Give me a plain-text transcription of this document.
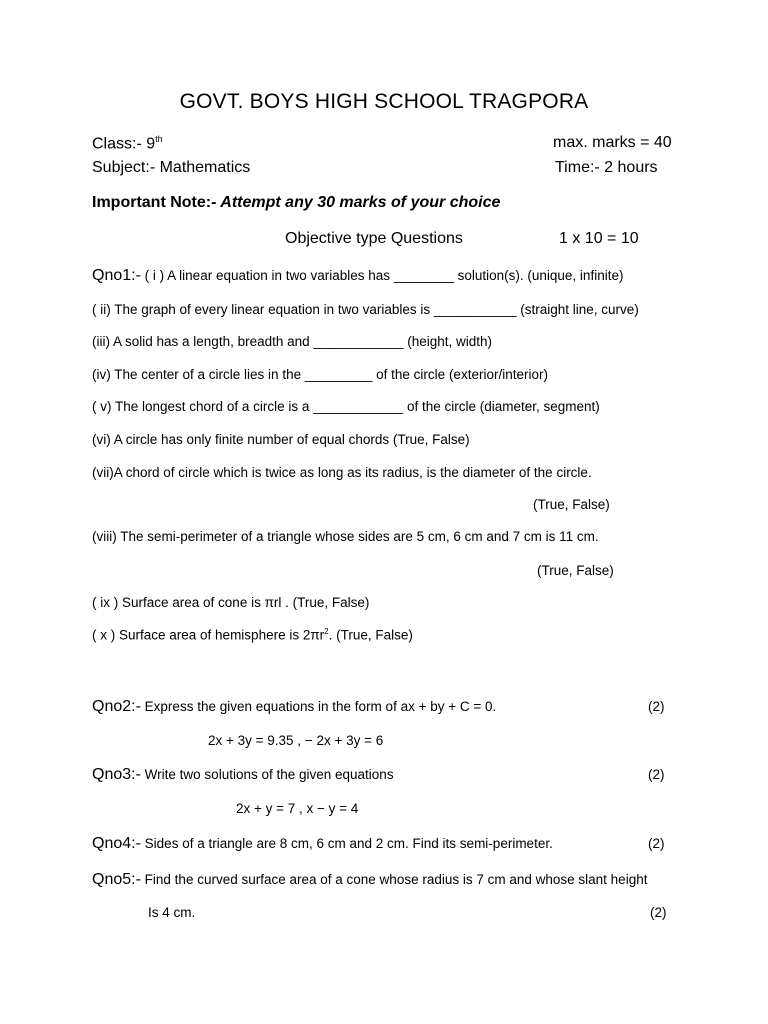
GOVT. BOYS HIGH SCHOOL TRAGPORA
Class:- 9th	max. marks = 40
Subject:- Mathematics	Time:- 2 hours
Important Note:- Attempt any 30 marks of your choice
Objective type Questions	1 x 10 = 10
Qno1:- ( i ) A linear equation in two variables has ________ solution(s). (unique, infinite)
( ii) The graph of every linear equation in two variables is ___________ (straight line, curve)
(iii) A solid has a length, breadth and ____________ (height, width)
(iv) The center of a circle lies in the _________ of the circle (exterior/interior)
( v) The longest chord of a circle is a ____________ of the circle (diameter, segment)
(vi) A circle has only finite number of equal chords (True, False)
(vii)A chord of circle which is twice as long as its radius, is the diameter of the circle.
(True, False)
(viii) The semi-perimeter of a triangle whose sides are 5 cm, 6 cm and 7 cm is 11 cm.
(True, False)
( ix ) Surface area of cone is πrl . (True, False)
( x ) Surface area of hemisphere is $2\pi r^2$. (True, False)
Qno2:- Express the given equations in the form of ax + by + C = 0.	(2)
2x + 3y = 9.35 , − 2x + 3y = 6
Qno3:- Write two solutions of the given equations	(2)
2x + y = 7 , x − y = 4
Qno4:- Sides of a triangle are 8 cm, 6 cm and 2 cm. Find its semi-perimeter.	(2)
Qno5:- Find the curved surface area of a cone whose radius is 7 cm and whose slant height
Is 4 cm.	(2)
